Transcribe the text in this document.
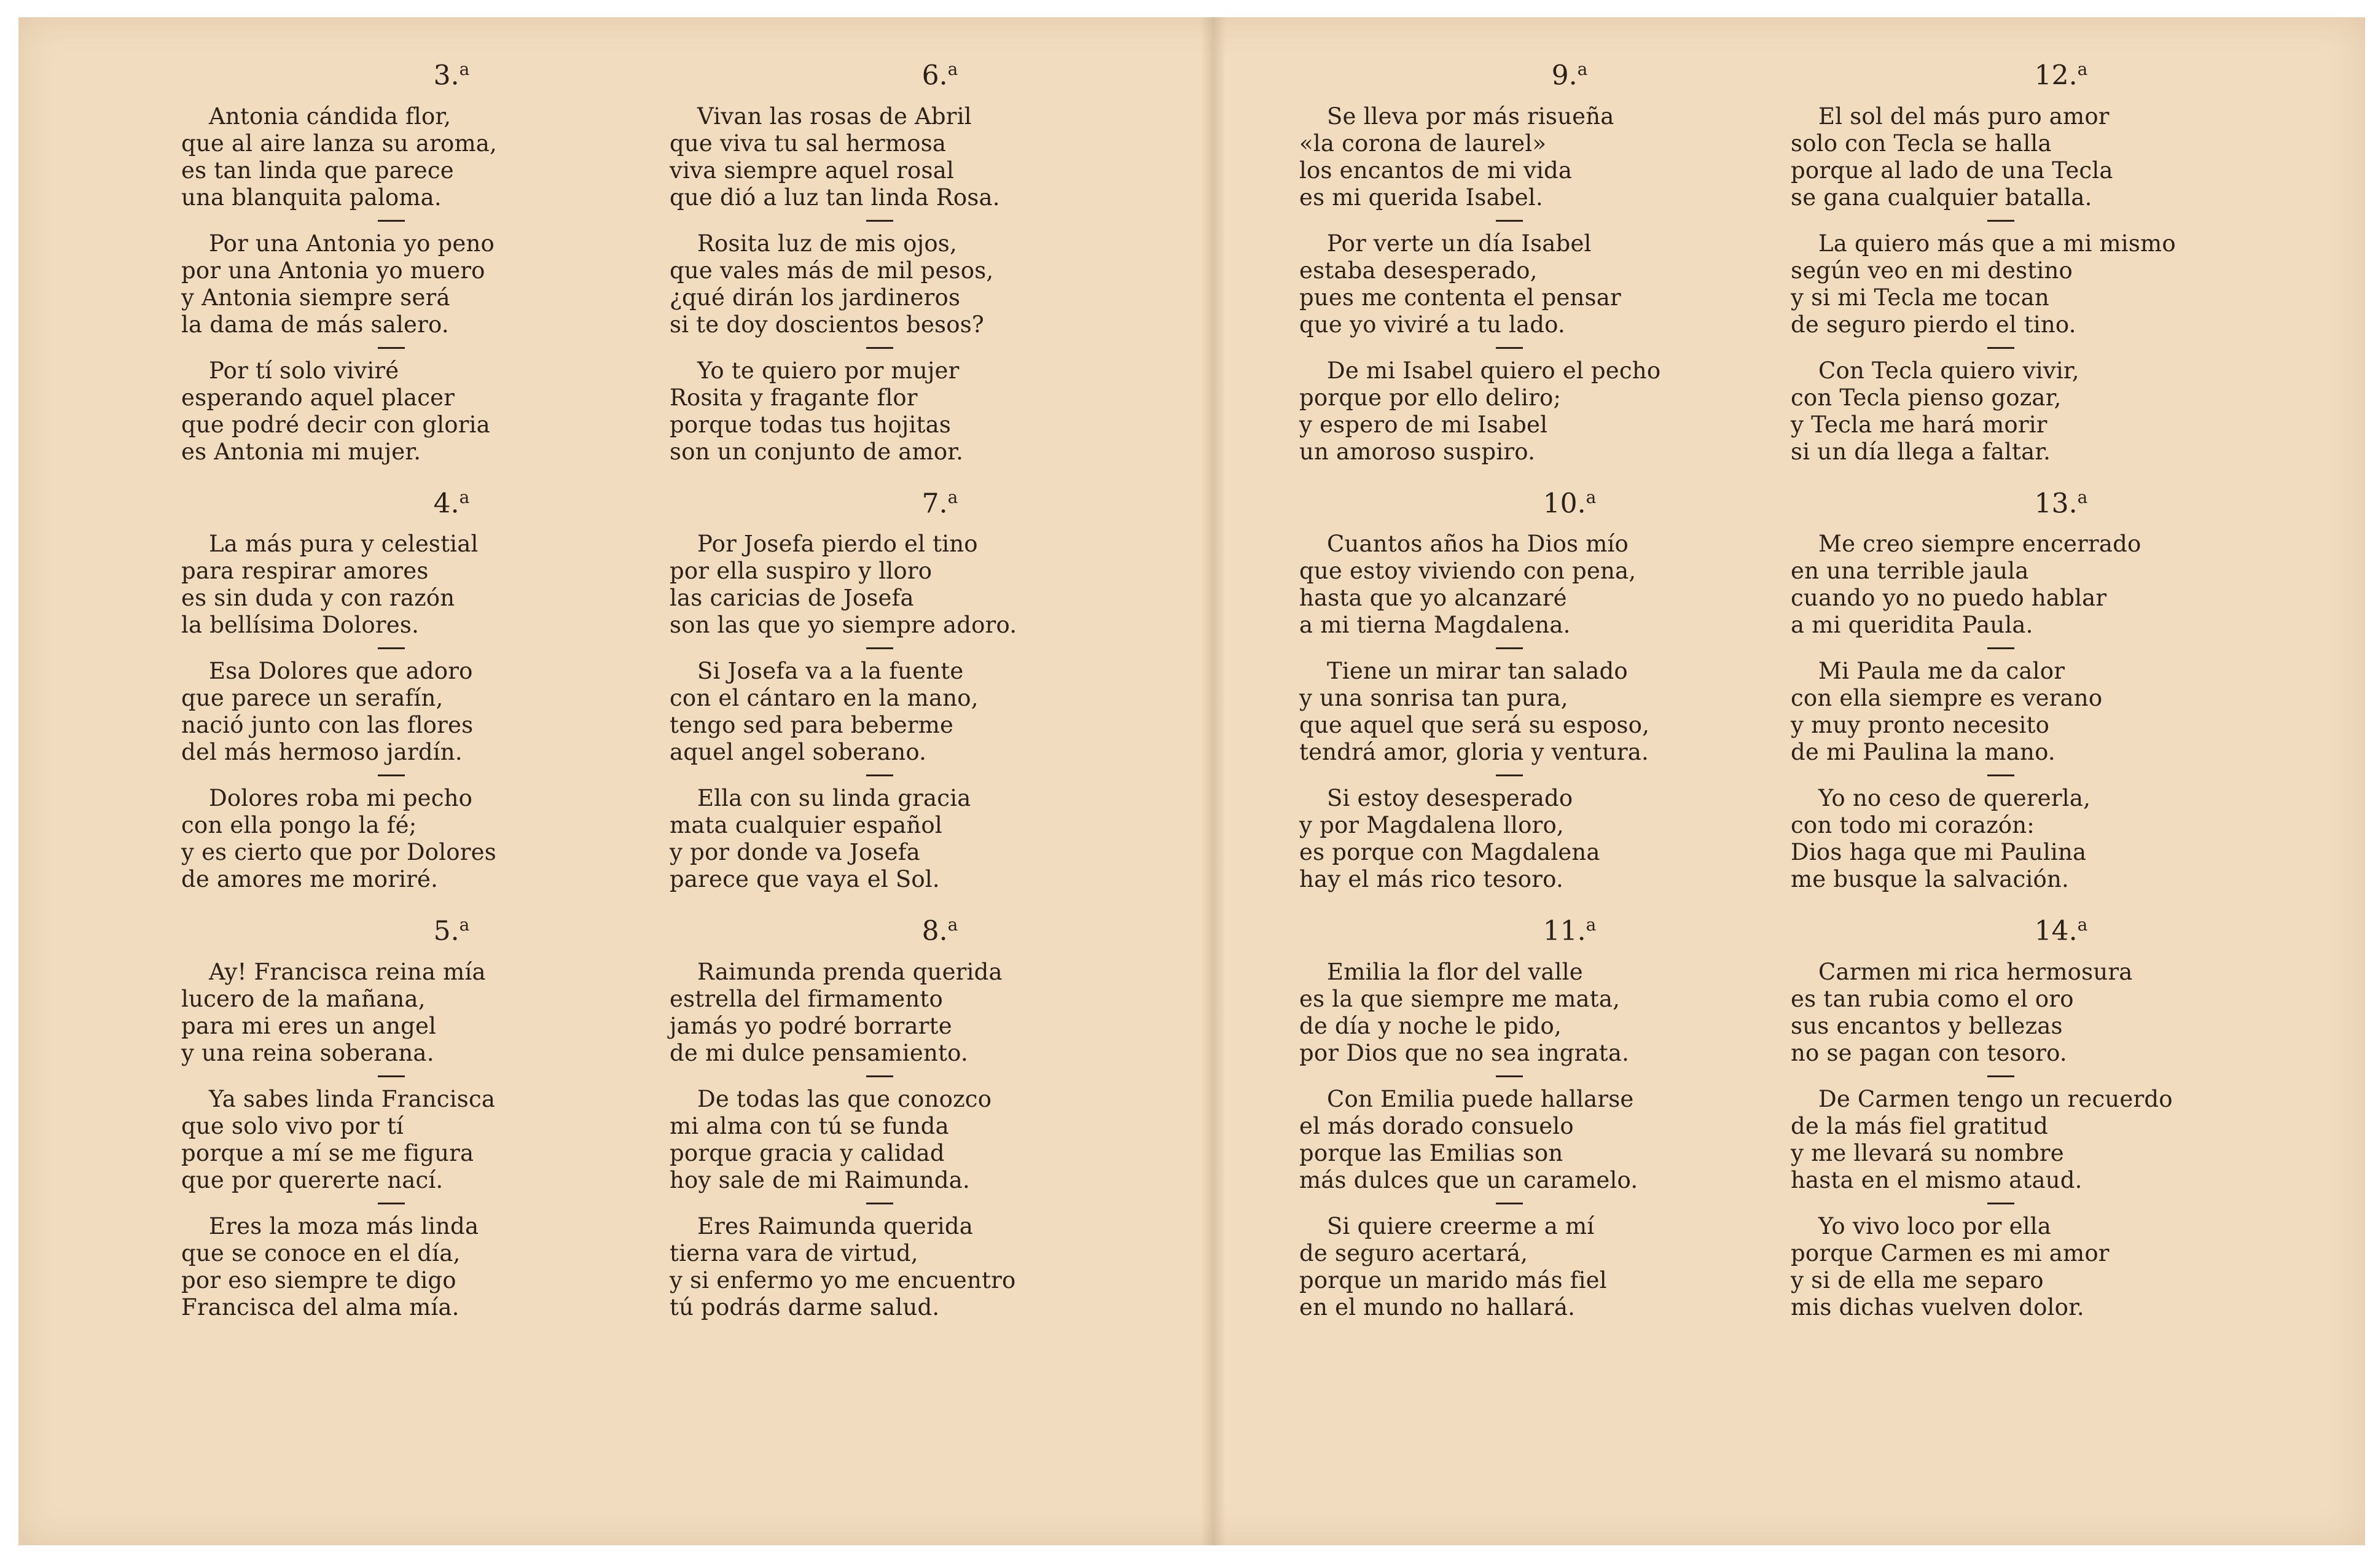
3.$^a$
Antonia cándida flor,
que al aire lanza su aroma,
es tan linda que parece
una blanquita paloma.
Por una Antonia yo peno
por una Antonia yo muero
y Antonia siempre será
la dama de más salero.
Por tí solo viviré
esperando aquel placer
que podré decir con gloria
es Antonia mi mujer.
4.$^a$
La más pura y celestial
para respirar amores
es sin duda y con razón
la bellísima Dolores.
Esa Dolores que adoro
que parece un serafín,
nació junto con las flores
del más hermoso jardín.
Dolores roba mi pecho
con ella pongo la fé;
y es cierto que por Dolores
de amores me moriré.
5.$^a$
Ay! Francisca reina mía
lucero de la mañana,
para mi eres un angel
y una reina soberana.
Ya sabes linda Francisca
que solo vivo por tí
porque a mí se me figura
que por quererte nací.
Eres la moza más linda
que se conoce en el día,
por eso siempre te digo
Francisca del alma mía.
6.$^a$
Vivan las rosas de Abril
que viva tu sal hermosa
viva siempre aquel rosal
que dió a luz tan linda Rosa.
Rosita luz de mis ojos,
que vales más de mil pesos,
¿qué dirán los jardineros
si te doy doscientos besos?
Yo te quiero por mujer
Rosita y fragante flor
porque todas tus hojitas
son un conjunto de amor.
7.$^a$
Por Josefa pierdo el tino
por ella suspiro y lloro
las caricias de Josefa
son las que yo siempre adoro.
Si Josefa va a la fuente
con el cántaro en la mano,
tengo sed para beberme
aquel angel soberano.
Ella con su linda gracia
mata cualquier español
y por donde va Josefa
parece que vaya el Sol.
8.$^a$
Raimunda prenda querida
estrella del firmamento
jamás yo podré borrarte
de mi dulce pensamiento.
De todas las que conozco
mi alma con tú se funda
porque gracia y calidad
hoy sale de mi Raimunda.
Eres Raimunda querida
tierna vara de virtud,
y si enfermo yo me encuentro
tú podrás darme salud.
9.$^a$
Se lleva por más risueña
«la corona de laurel»
los encantos de mi vida
es mi querida Isabel.
Por verte un día Isabel
estaba desesperado,
pues me contenta el pensar
que yo viviré a tu lado.
De mi Isabel quiero el pecho
porque por ello deliro;
y espero de mi Isabel
un amoroso suspiro.
10.$^a$
Cuantos años ha Dios mío
que estoy viviendo con pena,
hasta que yo alcanzaré
a mi tierna Magdalena.
Tiene un mirar tan salado
y una sonrisa tan pura,
que aquel que será su esposo,
tendrá amor, gloria y ventura.
Si estoy desesperado
y por Magdalena lloro,
es porque con Magdalena
hay el más rico tesoro.
11.$^a$
Emilia la flor del valle
es la que siempre me mata,
de día y noche le pido,
por Dios que no sea ingrata.
Con Emilia puede hallarse
el más dorado consuelo
porque las Emilias son
más dulces que un caramelo.
Si quiere creerme a mí
de seguro acertará,
porque un marido más fiel
en el mundo no hallará.
12.$^a$
El sol del más puro amor
solo con Tecla se halla
porque al lado de una Tecla
se gana cualquier batalla.
La quiero más que a mi mismo
según veo en mi destino
y si mi Tecla me tocan
de seguro pierdo el tino.
Con Tecla quiero vivir,
con Tecla pienso gozar,
y Tecla me hará morir
si un día llega a faltar.
13.$^a$
Me creo siempre encerrado
en una terrible jaula
cuando yo no puedo hablar
a mi queridita Paula.
Mi Paula me da calor
con ella siempre es verano
y muy pronto necesito
de mi Paulina la mano.
Yo no ceso de quererla,
con todo mi corazón:
Dios haga que mi Paulina
me busque la salvación.
14.$^a$
Carmen mi rica hermosura
es tan rubia como el oro
sus encantos y bellezas
no se pagan con tesoro.
De Carmen tengo un recuerdo
de la más fiel gratitud
y me llevará su nombre
hasta en el mismo ataud.
Yo vivo loco por ella
porque Carmen es mi amor
y si de ella me separo
mis dichas vuelven dolor.
